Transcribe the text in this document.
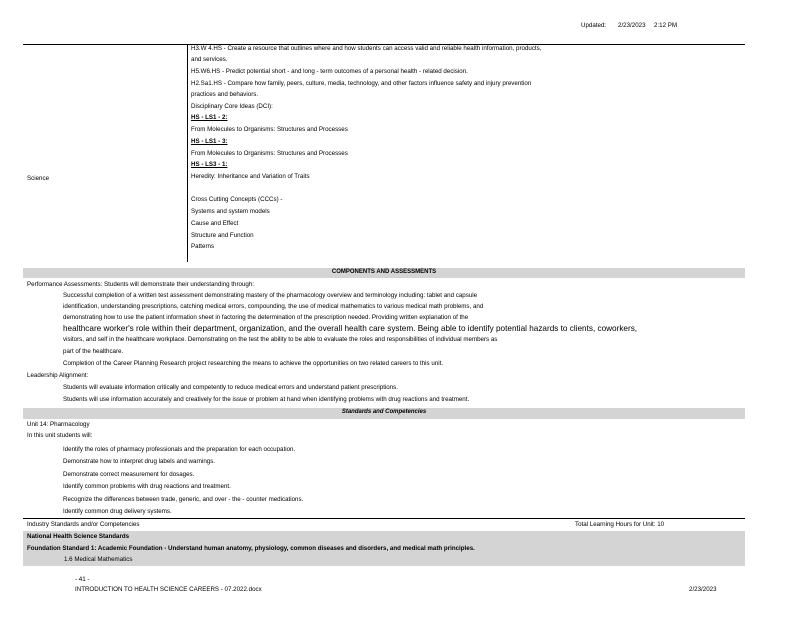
Updated: 2/23/2023 2:12 PM
Science
H3.W 4.HS - Create a resource that outlines where and how students can access valid and reliable health information, products,
and services.
H5.W6.HS - Predict potential short - and long - term outcomes of a personal health - related decision.
H2.Sa1.HS - Compare how family, peers, culture, media, technology, and other factors influence safety and injury prevention
practices and behaviors.
Disciplinary Core Ideas (DCI):
HS - LS1 - 2:
From Molecules to Organisms: Structures and Processes
HS - LS1 - 3:
From Molecules to Organisms: Structures and Processes
HS - LS3 - 1:
Heredity: Inheritance and Variation of Traits
Cross Cutting Concepts (CCCs) -
Systems and system models
Cause and Effect
Structure and Function
Patterns
COMPONENTS AND ASSESSMENTS
Performance Assessments: Students will demonstrate their understanding through:
Successful completion of a written test assessment demonstrating mastery of the pharmacology overview and terminology including: tablet and capsule
identification, understanding prescriptions, catching medical errors, compounding, the use of medical mathematics to various medical math problems, and
demonstrating how to use the patient information sheet in factoring the determination of the prescription needed. Providing written explanation of the
healthcare worker's role within their department, organization, and the overall health care system. Being able to identify potential hazards to clients, coworkers,
visitors, and self in the healthcare workplace. Demonstrating on the test the ability to be able to evaluate the roles and responsibilities of individual members as
part of the healthcare.
Completion of the Career Planning Research project researching the means to achieve the opportunities on two related careers to this unit.
Leadership Alignment:
Students will evaluate information critically and competently to reduce medical errors and understand patient prescriptions.
Students will use information accurately and creatively for the issue or problem at hand when identifying problems with drug reactions and treatment.
Standards and Competencies
Unit 14: Pharmacology
In this unit students will:
Identify the roles of pharmacy professionals and the preparation for each occupation.
Demonstrate how to interpret drug labels and warnings.
Demonstrate correct measurement for dosages.
Identify common problems with drug reactions and treatment.
Recognize the differences between trade, generic, and over - the - counter medications.
Identify common drug delivery systems.
Industry Standards and/or Competencies	Total Learning Hours for Unit: 10
National Health Science Standards
Foundation Standard 1: Academic Foundation - Understand human anatomy, physiology, common diseases and disorders, and medical math principles.
1.6 Medical Mathematics
- 41 -
INTRODUCTION TO HEALTH SCIENCE CAREERS - 07.2022.docx	2/23/2023
